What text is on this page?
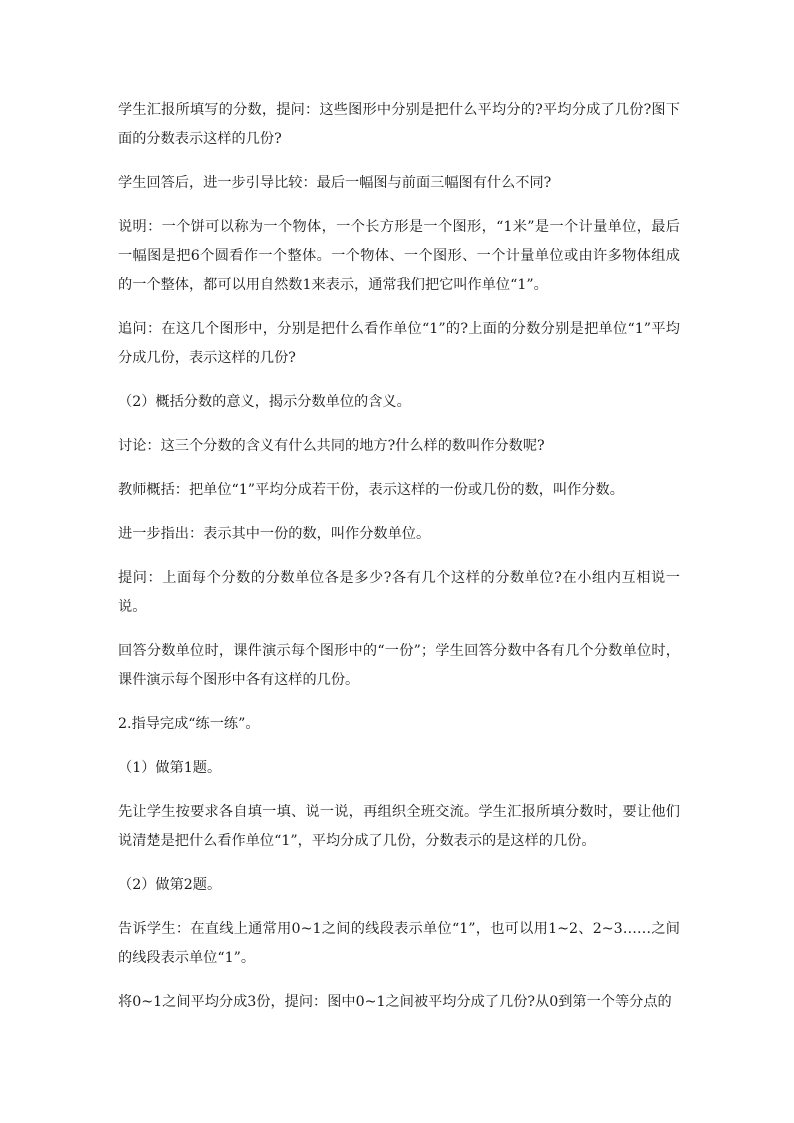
学生汇报所填写的分数，提问：这些图形中分别是把什么平均分的?平均分成了几份?图下面的分数表示这样的几份?

学生回答后，进一步引导比较：最后一幅图与前面三幅图有什么不同?

说明：一个饼可以称为一个物体，一个长方形是一个图形，“1米”是一个计量单位，最后一幅图是把6个圆看作一个整体。一个物体、一个图形、一个计量单位或由许多物体组成的一个整体，都可以用自然数1来表示，通常我们把它叫作单位“1”。

追问：在这几个图形中，分别是把什么看作单位“1”的?上面的分数分别是把单位“1”平均分成几份，表示这样的几份?

（2）概括分数的意义，揭示分数单位的含义。

讨论：这三个分数的含义有什么共同的地方?什么样的数叫作分数呢?

教师概括：把单位“1”平均分成若干份，表示这样的一份或几份的数，叫作分数。

进一步指出：表示其中一份的数，叫作分数单位。

提问：上面每个分数的分数单位各是多少?各有几个这样的分数单位?在小组内互相说一说。

回答分数单位时，课件演示每个图形中的“一份”；学生回答分数中各有几个分数单位时，课件演示每个图形中各有这样的几份。

2.指导完成“练一练”。

（1）做第1题。

先让学生按要求各自填一填、说一说，再组织全班交流。学生汇报所填分数时，要让他们说清楚是把什么看作单位“1”，平均分成了几份，分数表示的是这样的几份。

（2）做第2题。

告诉学生：在直线上通常用0~1之间的线段表示单位“1”，也可以用1~2、2~3……之间的线段表示单位“1”。

将0~1之间平均分成3份，提问：图中0~1之间被平均分成了几份?从0到第一个等分点的
